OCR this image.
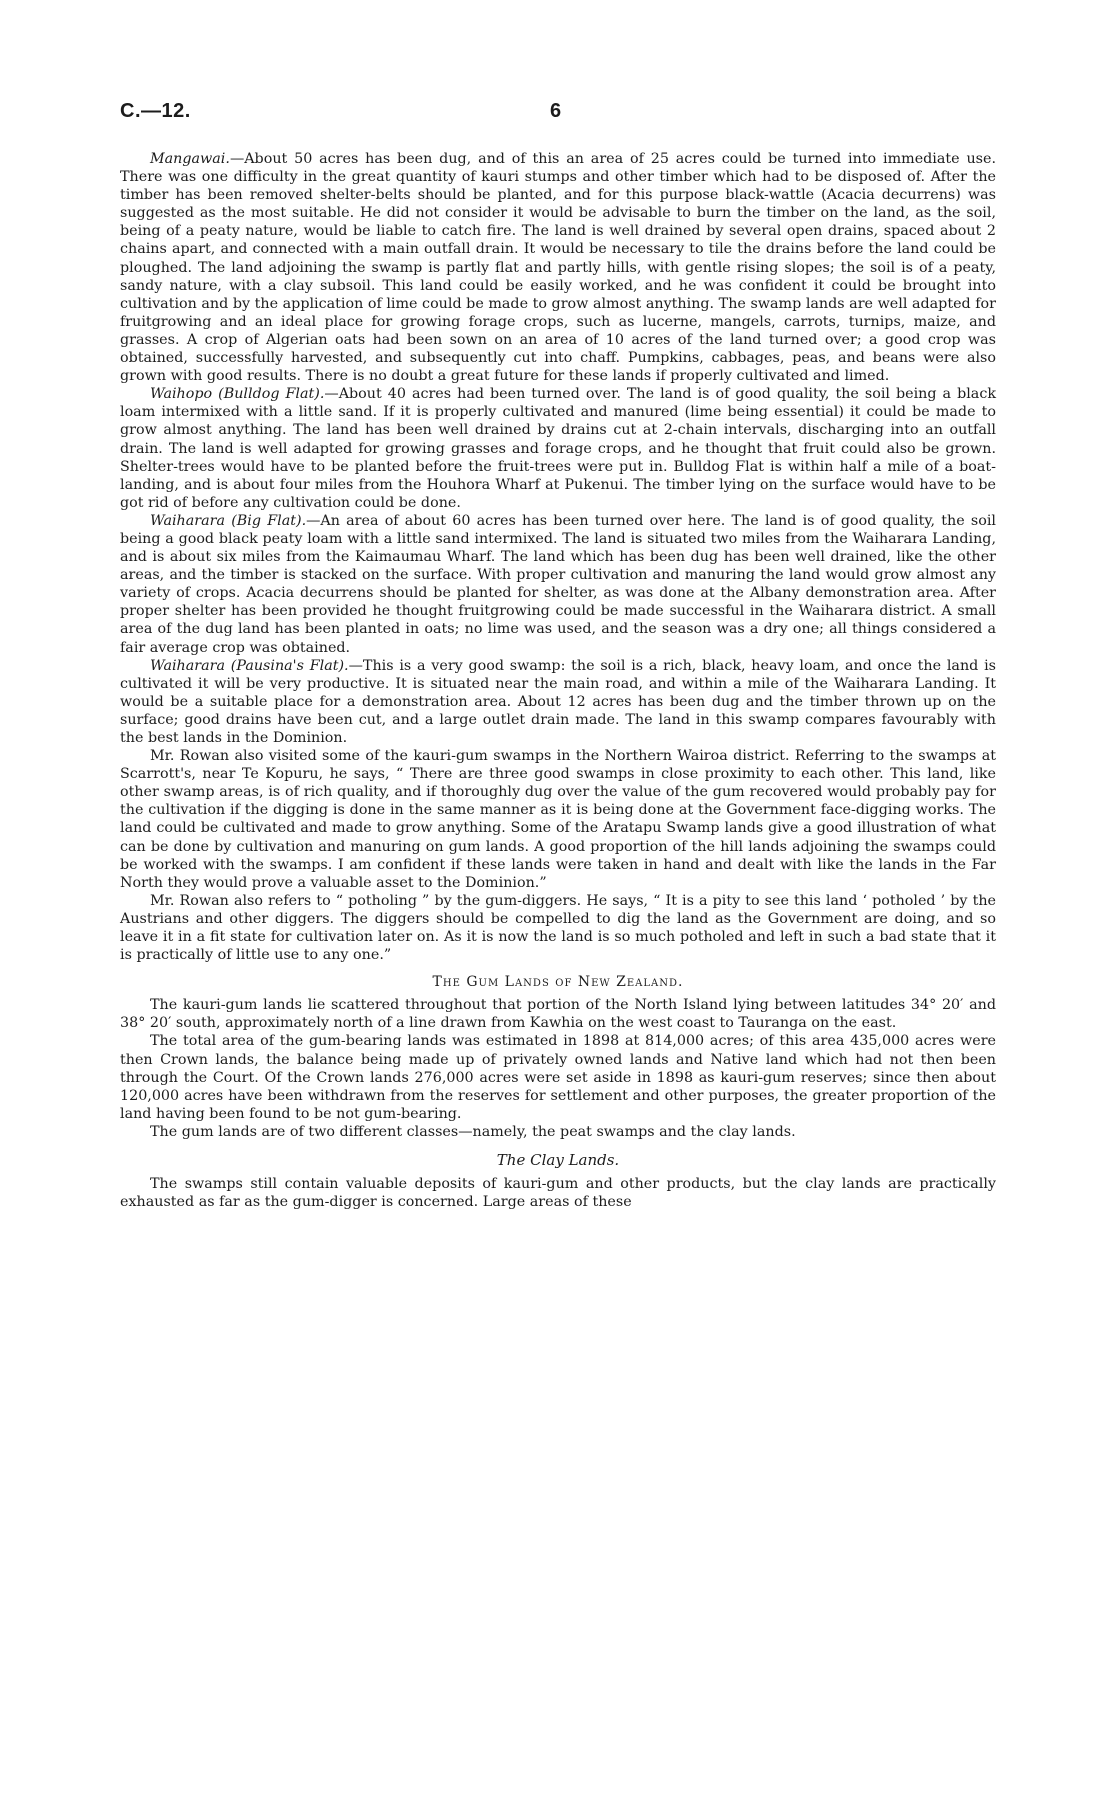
C.—12.	6

Mangawai.—About 50 acres has been dug, and of this an area of 25 acres could be turned into immediate use. There was one difficulty in the great quantity of kauri stumps and other timber which had to be disposed of. After the timber has been removed shelter-belts should be planted, and for this purpose black-wattle (Acacia decurrens) was suggested as the most suitable. He did not consider it would be advisable to burn the timber on the land, as the soil, being of a peaty nature, would be liable to catch fire. The land is well drained by several open drains, spaced about 2 chains apart, and connected with a main outfall drain. It would be necessary to tile the drains before the land could be ploughed. The land adjoining the swamp is partly flat and partly hills, with gentle rising slopes; the soil is of a peaty, sandy nature, with a clay subsoil. This land could be easily worked, and he was confident it could be brought into cultivation and by the application of lime could be made to grow almost anything. The swamp lands are well adapted for fruitgrowing and an ideal place for growing forage crops, such as lucerne, mangels, carrots, turnips, maize, and grasses. A crop of Algerian oats had been sown on an area of 10 acres of the land turned over; a good crop was obtained, successfully harvested, and subsequently cut into chaff. Pumpkins, cabbages, peas, and beans were also grown with good results. There is no doubt a great future for these lands if properly cultivated and limed.

Waihopo (Bulldog Flat).—About 40 acres had been turned over. The land is of good quality, the soil being a black loam intermixed with a little sand. If it is properly cultivated and manured (lime being essential) it could be made to grow almost anything. The land has been well drained by drains cut at 2-chain intervals, discharging into an outfall drain. The land is well adapted for growing grasses and forage crops, and he thought that fruit could also be grown. Shelter-trees would have to be planted before the fruit-trees were put in. Bulldog Flat is within half a mile of a boat-landing, and is about four miles from the Houhora Wharf at Pukenui. The timber lying on the surface would have to be got rid of before any cultivation could be done.

Waiharara (Big Flat).—An area of about 60 acres has been turned over here. The land is of good quality, the soil being a good black peaty loam with a little sand intermixed. The land is situated two miles from the Waiharara Landing, and is about six miles from the Kaimaumau Wharf. The land which has been dug has been well drained, like the other areas, and the timber is stacked on the surface. With proper cultivation and manuring the land would grow almost any variety of crops. Acacia decurrens should be planted for shelter, as was done at the Albany demonstration area. After proper shelter has been provided he thought fruitgrowing could be made successful in the Waiharara district. A small area of the dug land has been planted in oats; no lime was used, and the season was a dry one; all things considered a fair average crop was obtained.

Waiharara (Pausina's Flat).—This is a very good swamp: the soil is a rich, black, heavy loam, and once the land is cultivated it will be very productive. It is situated near the main road, and within a mile of the Waiharara Landing. It would be a suitable place for a demonstration area. About 12 acres has been dug and the timber thrown up on the surface; good drains have been cut, and a large outlet drain made. The land in this swamp compares favourably with the best lands in the Dominion.

Mr. Rowan also visited some of the kauri-gum swamps in the Northern Wairoa district. Referring to the swamps at Scarrott's, near Te Kopuru, he says, “ There are three good swamps in close proximity to each other. This land, like other swamp areas, is of rich quality, and if thoroughly dug over the value of the gum recovered would probably pay for the cultivation if the digging is done in the same manner as it is being done at the Government face-digging works. The land could be cultivated and made to grow anything. Some of the Aratapu Swamp lands give a good illustration of what can be done by cultivation and manuring on gum lands. A good proportion of the hill lands adjoining the swamps could be worked with the swamps. I am confident if these lands were taken in hand and dealt with like the lands in the Far North they would prove a valuable asset to the Dominion.”

Mr. Rowan also refers to “ potholing ” by the gum-diggers. He says, “ It is a pity to see this land ‘ potholed ’ by the Austrians and other diggers. The diggers should be compelled to dig the land as the Government are doing, and so leave it in a fit state for cultivation later on. As it is now the land is so much potholed and left in such a bad state that it is practically of little use to any one.”

The Gum Lands of New Zealand.

The kauri-gum lands lie scattered throughout that portion of the North Island lying between latitudes 34° 20′ and 38° 20′ south, approximately north of a line drawn from Kawhia on the west coast to Tauranga on the east.

The total area of the gum-bearing lands was estimated in 1898 at 814,000 acres; of this area 435,000 acres were then Crown lands, the balance being made up of privately owned lands and Native land which had not then been through the Court. Of the Crown lands 276,000 acres were set aside in 1898 as kauri-gum reserves; since then about 120,000 acres have been withdrawn from the reserves for settlement and other purposes, the greater proportion of the land having been found to be not gum-bearing.

The gum lands are of two different classes—namely, the peat swamps and the clay lands.

The Clay Lands.

The swamps still contain valuable deposits of kauri-gum and other products, but the clay lands are practically exhausted as far as the gum-digger is concerned. Large areas of these
